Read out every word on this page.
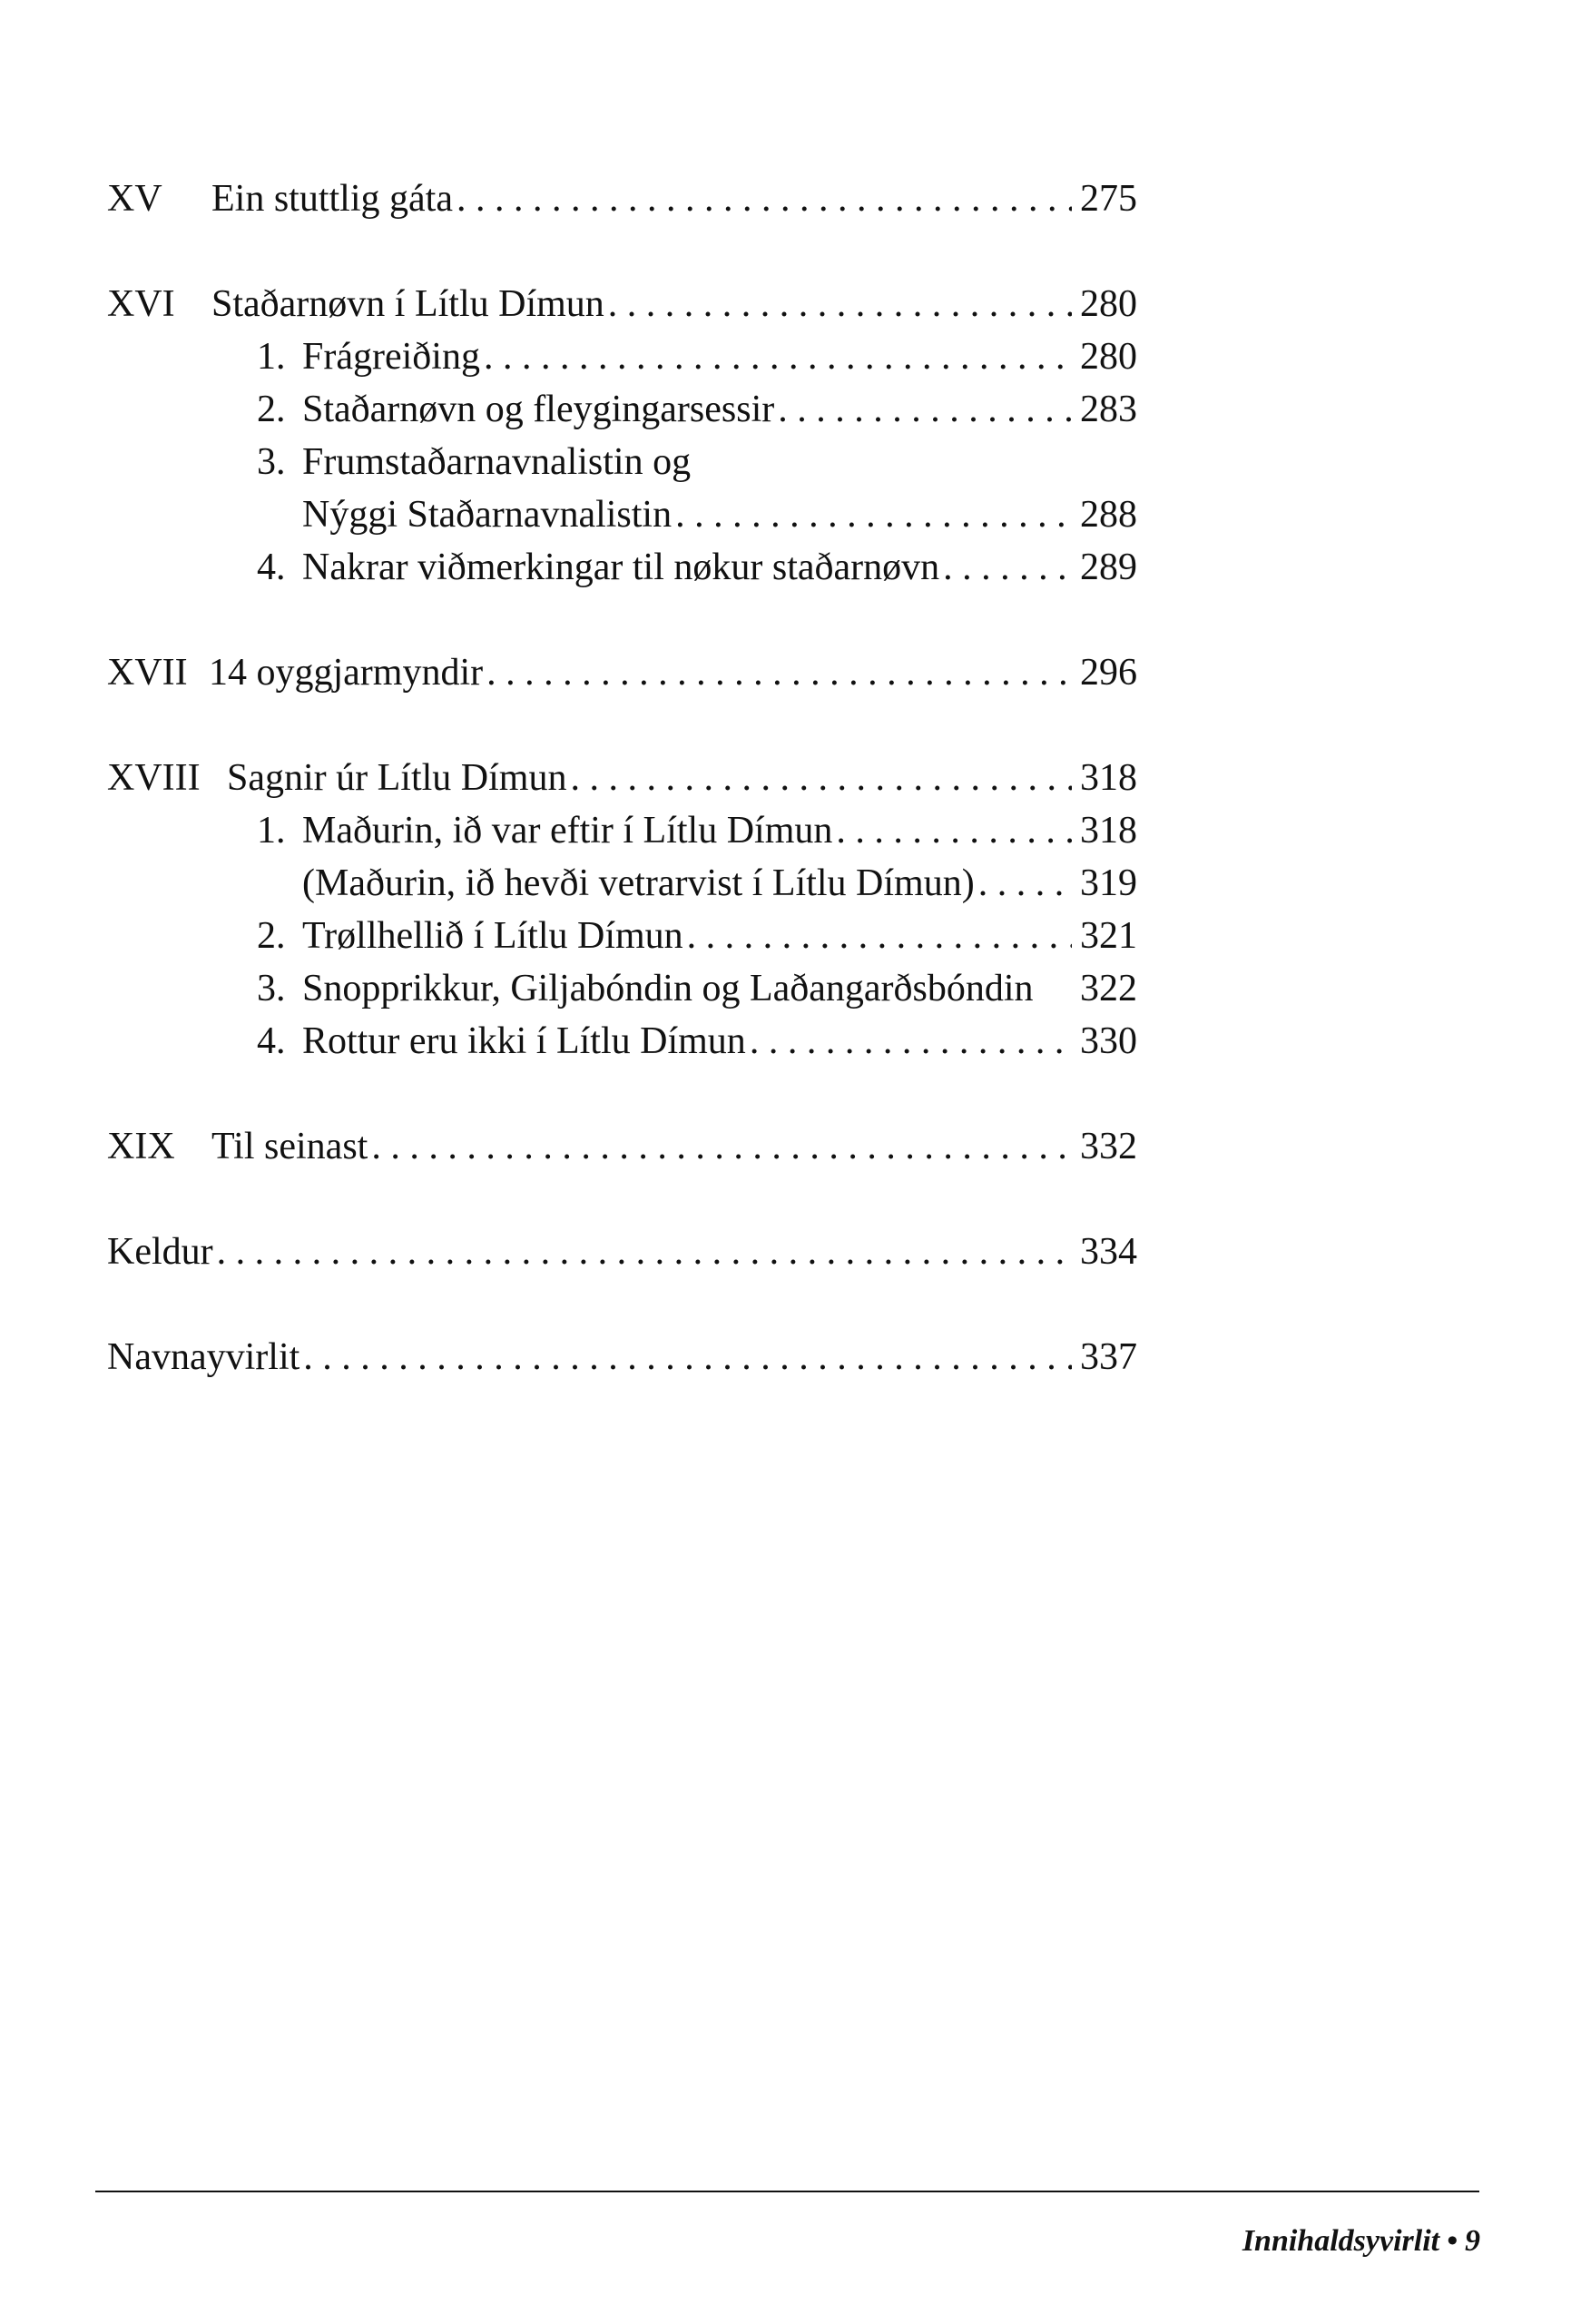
XV	Ein stuttlig gáta . . .	275
XVI Staðarnøvn í Lítlu Dímun . . .	280
1. Frágreiðing . . .	280
2. Staðarnøvn og fleygingarsessir . . .	283
3. Frumstaðarnavnalistin og
Nýggi Staðarnavnalistin . . .	288
4. Nakrar viðmerkingar til nøkur staðarnøvn . . .	289
XVII 14 oyggjarmyndir . . .	296
XVIII Sagnir úr Lítlu Dímun . . .	318
1. Maðurin, ið var eftir í Lítlu Dímun . . .	318
(Maðurin, ið hevði vetrarvist í Lítlu Dímun) . . .	319
2. Trøllhellið í Lítlu Dímun . . .	321
3. Snopprikkur, Giljabóndin og Laðangarðsbóndin 322
4. Rottur eru ikki í Lítlu Dímun . . .	330
XIX Til seinast . . .	332
Keldur . . .	334
Navnayvirlit . . .	337
Innihaldsyvirlit • 9
